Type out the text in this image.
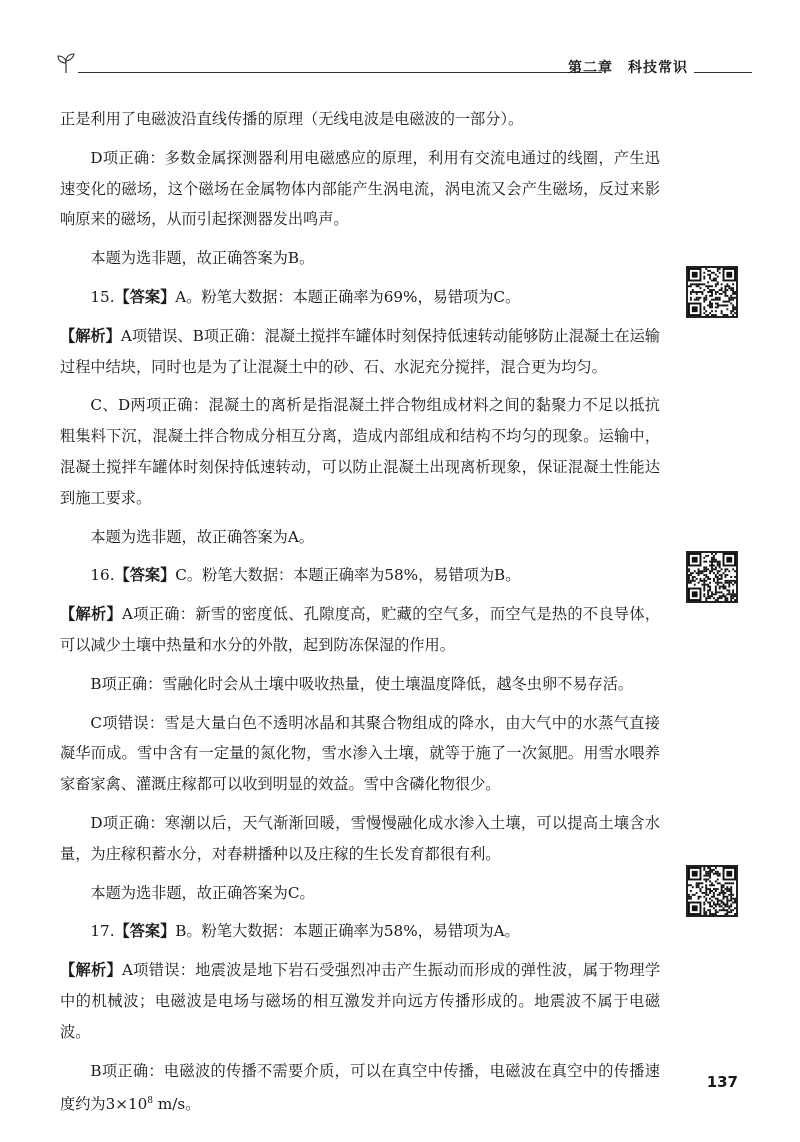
第二章　科技常识

正是利用了电磁波沿直线传播的原理（无线电波是电磁波的一部分）。

D项正确：多数金属探测器利用电磁感应的原理，利用有交流电通过的线圈，产生迅速变化的磁场，这个磁场在金属物体内部能产生涡电流，涡电流又会产生磁场，反过来影响原来的磁场，从而引起探测器发出鸣声。

本题为选非题，故正确答案为B。

15.【答案】A。粉笔大数据：本题正确率为69%，易错项为C。

【解析】A项错误、B项正确：混凝土搅拌车罐体时刻保持低速转动能够防止混凝土在运输过程中结块，同时也是为了让混凝土中的砂、石、水泥充分搅拌，混合更为均匀。

C、D两项正确：混凝土的离析是指混凝土拌合物组成材料之间的黏聚力不足以抵抗粗集料下沉，混凝土拌合物成分相互分离，造成内部组成和结构不均匀的现象。运输中，混凝土搅拌车罐体时刻保持低速转动，可以防止混凝土出现离析现象，保证混凝土性能达到施工要求。

本题为选非题，故正确答案为A。

16.【答案】C。粉笔大数据：本题正确率为58%，易错项为B。

【解析】A项正确：新雪的密度低、孔隙度高，贮藏的空气多，而空气是热的不良导体，可以减少土壤中热量和水分的外散，起到防冻保湿的作用。

B项正确：雪融化时会从土壤中吸收热量，使土壤温度降低，越冬虫卵不易存活。

C项错误：雪是大量白色不透明冰晶和其聚合物组成的降水，由大气中的水蒸气直接凝华而成。雪中含有一定量的氮化物，雪水渗入土壤，就等于施了一次氮肥。用雪水喂养家畜家禽、灌溉庄稼都可以收到明显的效益。雪中含磷化物很少。

D项正确：寒潮以后，天气渐渐回暖，雪慢慢融化成水渗入土壤，可以提高土壤含水量，为庄稼积蓄水分，对春耕播种以及庄稼的生长发育都很有利。

本题为选非题，故正确答案为C。

17.【答案】B。粉笔大数据：本题正确率为58%，易错项为A。

【解析】A项错误：地震波是地下岩石受强烈冲击产生振动而形成的弹性波，属于物理学中的机械波；电磁波是电场与磁场的相互激发并向远方传播形成的。地震波不属于电磁波。

B项正确：电磁波的传播不需要介质，可以在真空中传播，电磁波在真空中的传播速度约为$3\times 10^8$ m/s。

137
